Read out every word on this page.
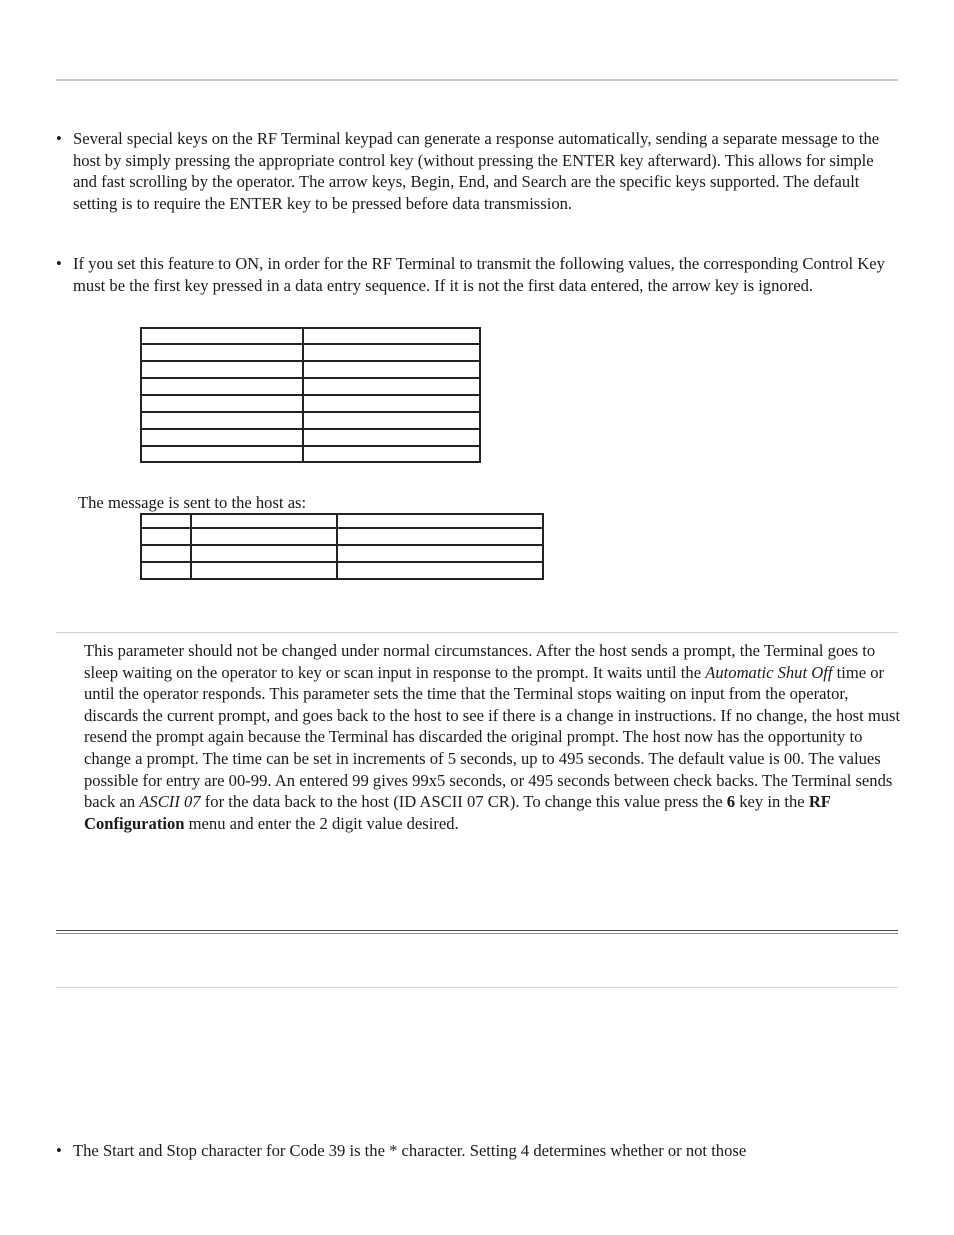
• Several special keys on the RF Terminal keypad can generate a response automatically, sending a separate message to the host by simply pressing the appropriate control key (without pressing the ENTER key afterward). This allows for simple and fast scrolling by the operator. The arrow keys, Begin, End, and Search are the specific keys supported. The default setting is to require the ENTER key to be pressed before data transmission.

• If you set this feature to ON, in order for the RF Terminal to transmit the following values, the corresponding Control Key must be the first key pressed in a data entry sequence. If it is not the first data entered, the arrow key is ignored.

The message is sent to the host as:

This parameter should not be changed under normal circumstances. After the host sends a prompt, the Terminal goes to sleep waiting on the operator to key or scan input in response to the prompt. It waits until the Automatic Shut Off time or until the operator responds. This parameter sets the time that the Terminal stops waiting on input from the operator, discards the current prompt, and goes back to the host to see if there is a change in instructions. If no change, the host must resend the prompt again because the Terminal has discarded the original prompt. The host now has the opportunity to change a prompt. The time can be set in increments of 5 seconds, up to 495 seconds. The default value is 00. The values possible for entry are 00-99. An entered 99 gives 99x5 seconds, or 495 seconds between check backs. The Terminal sends back an ASCII 07 for the data back to the host (ID ASCII 07 CR). To change this value press the 6 key in the RF Configuration menu and enter the 2 digit value desired.

• The Start and Stop character for Code 39 is the * character. Setting 4 determines whether or not those
